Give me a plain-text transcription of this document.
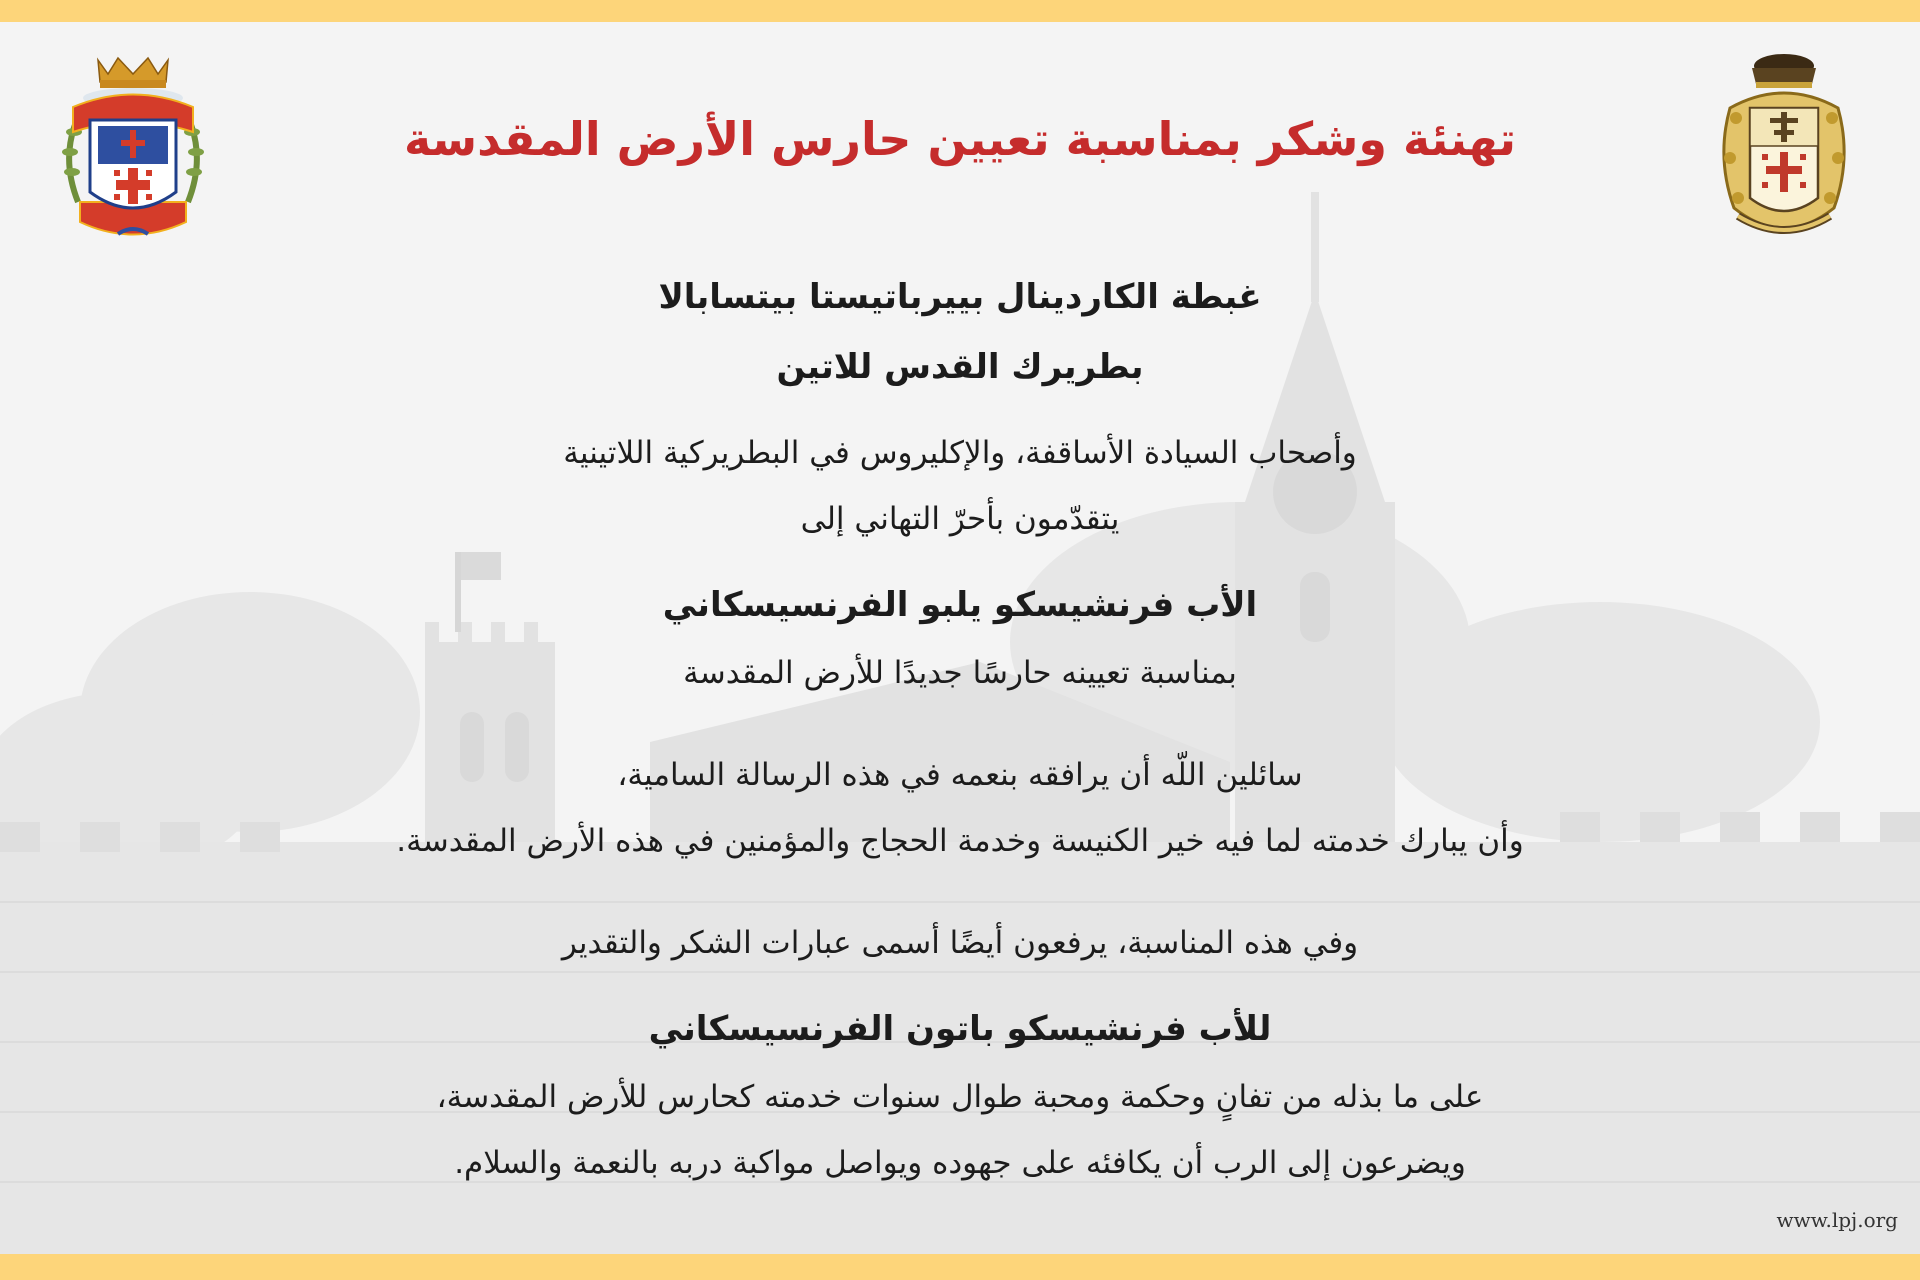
تهنئة وشكر بمناسبة تعيين حارس الأرض المقدسة
غبطة الكاردينال بييرباتيستا بيتسابالا
بطريرك القدس للاتين
وأصحاب السيادة الأساقفة، والإكليروس في البطريركية اللاتينية
يتقدّمون بأحرّ التهاني إلى
الأب فرنشيسكو يلبو الفرنسيسكاني
بمناسبة تعيينه حارسًا جديدًا للأرض المقدسة
سائلين اللّه أن يرافقه بنعمه في هذه الرسالة السامية،
وأن يبارك خدمته لما فيه خير الكنيسة وخدمة الحجاج والمؤمنين في هذه الأرض المقدسة.
وفي هذه المناسبة، يرفعون أيضًا أسمى عبارات الشكر والتقدير
للأب فرنشيسكو باتون الفرنسيسكاني
على ما بذله من تفانٍ وحكمة ومحبة طوال سنوات خدمته كحارس للأرض المقدسة،
ويضرعون إلى الرب أن يكافئه على جهوده ويواصل مواكبة دربه بالنعمة والسلام.
www.lpj.org
